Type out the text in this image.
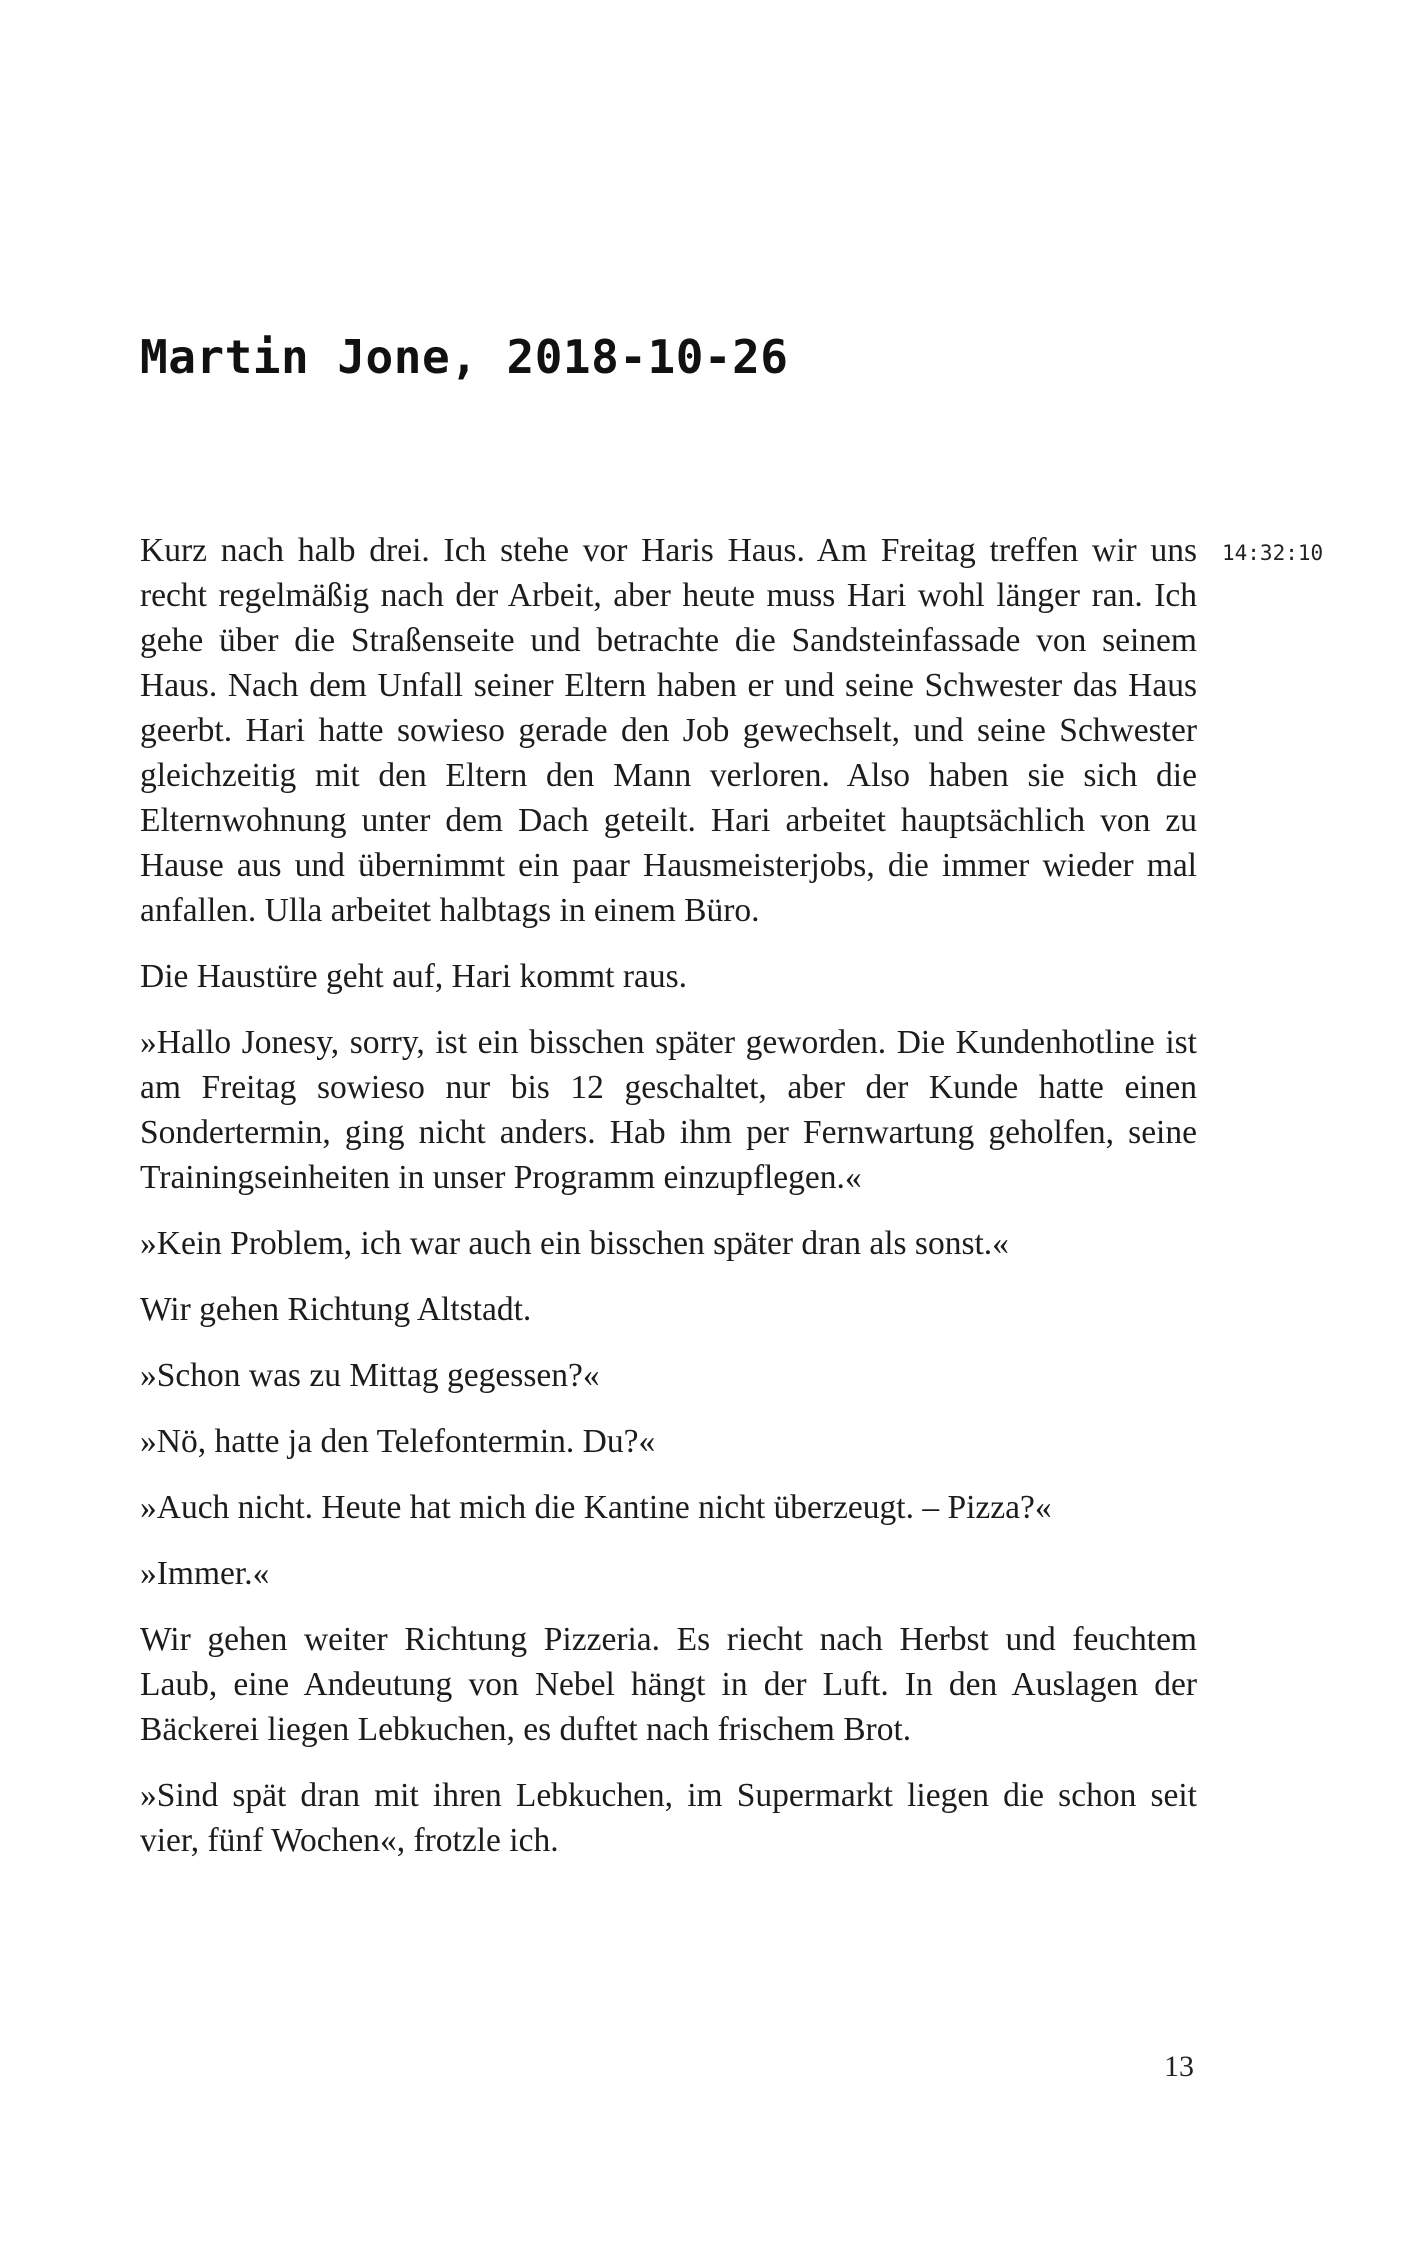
Martin Jone, 2018-10-26
14:32:10

Kurz nach halb drei. Ich stehe vor Haris Haus. Am Freitag treffen wir uns recht regelmäßig nach der Arbeit, aber heute muss Hari wohl länger ran. Ich gehe über die Straßenseite und betrachte die Sandsteinfassade von seinem Haus. Nach dem Unfall seiner Eltern haben er und seine Schwester das Haus geerbt. Hari hatte sowieso gerade den Job gewechselt, und seine Schwester gleichzeitig mit den Eltern den Mann verloren. Also haben sie sich die Elternwohnung unter dem Dach geteilt. Hari arbeitet hauptsächlich von zu Hause aus und übernimmt ein paar Hausmeisterjobs, die immer wieder mal anfallen. Ulla arbeitet halbtags in einem Büro.

Die Haustüre geht auf, Hari kommt raus.

»Hallo Jonesy, sorry, ist ein bisschen später geworden. Die Kundenhotline ist am Freitag sowieso nur bis 12 geschaltet, aber der Kunde hatte einen Sondertermin, ging nicht anders. Hab ihm per Fernwartung geholfen, seine Trainingseinheiten in unser Programm einzupflegen.«

»Kein Problem, ich war auch ein bisschen später dran als sonst.«

Wir gehen Richtung Altstadt.

»Schon was zu Mittag gegessen?«

»Nö, hatte ja den Telefontermin. Du?«

»Auch nicht. Heute hat mich die Kantine nicht überzeugt. – Pizza?«

»Immer.«

Wir gehen weiter Richtung Pizzeria. Es riecht nach Herbst und feuchtem Laub, eine Andeutung von Nebel hängt in der Luft. In den Auslagen der Bäckerei liegen Lebkuchen, es duftet nach frischem Brot.

»Sind spät dran mit ihren Lebkuchen, im Supermarkt liegen die schon seit vier, fünf Wochen«, frotzle ich.

13
